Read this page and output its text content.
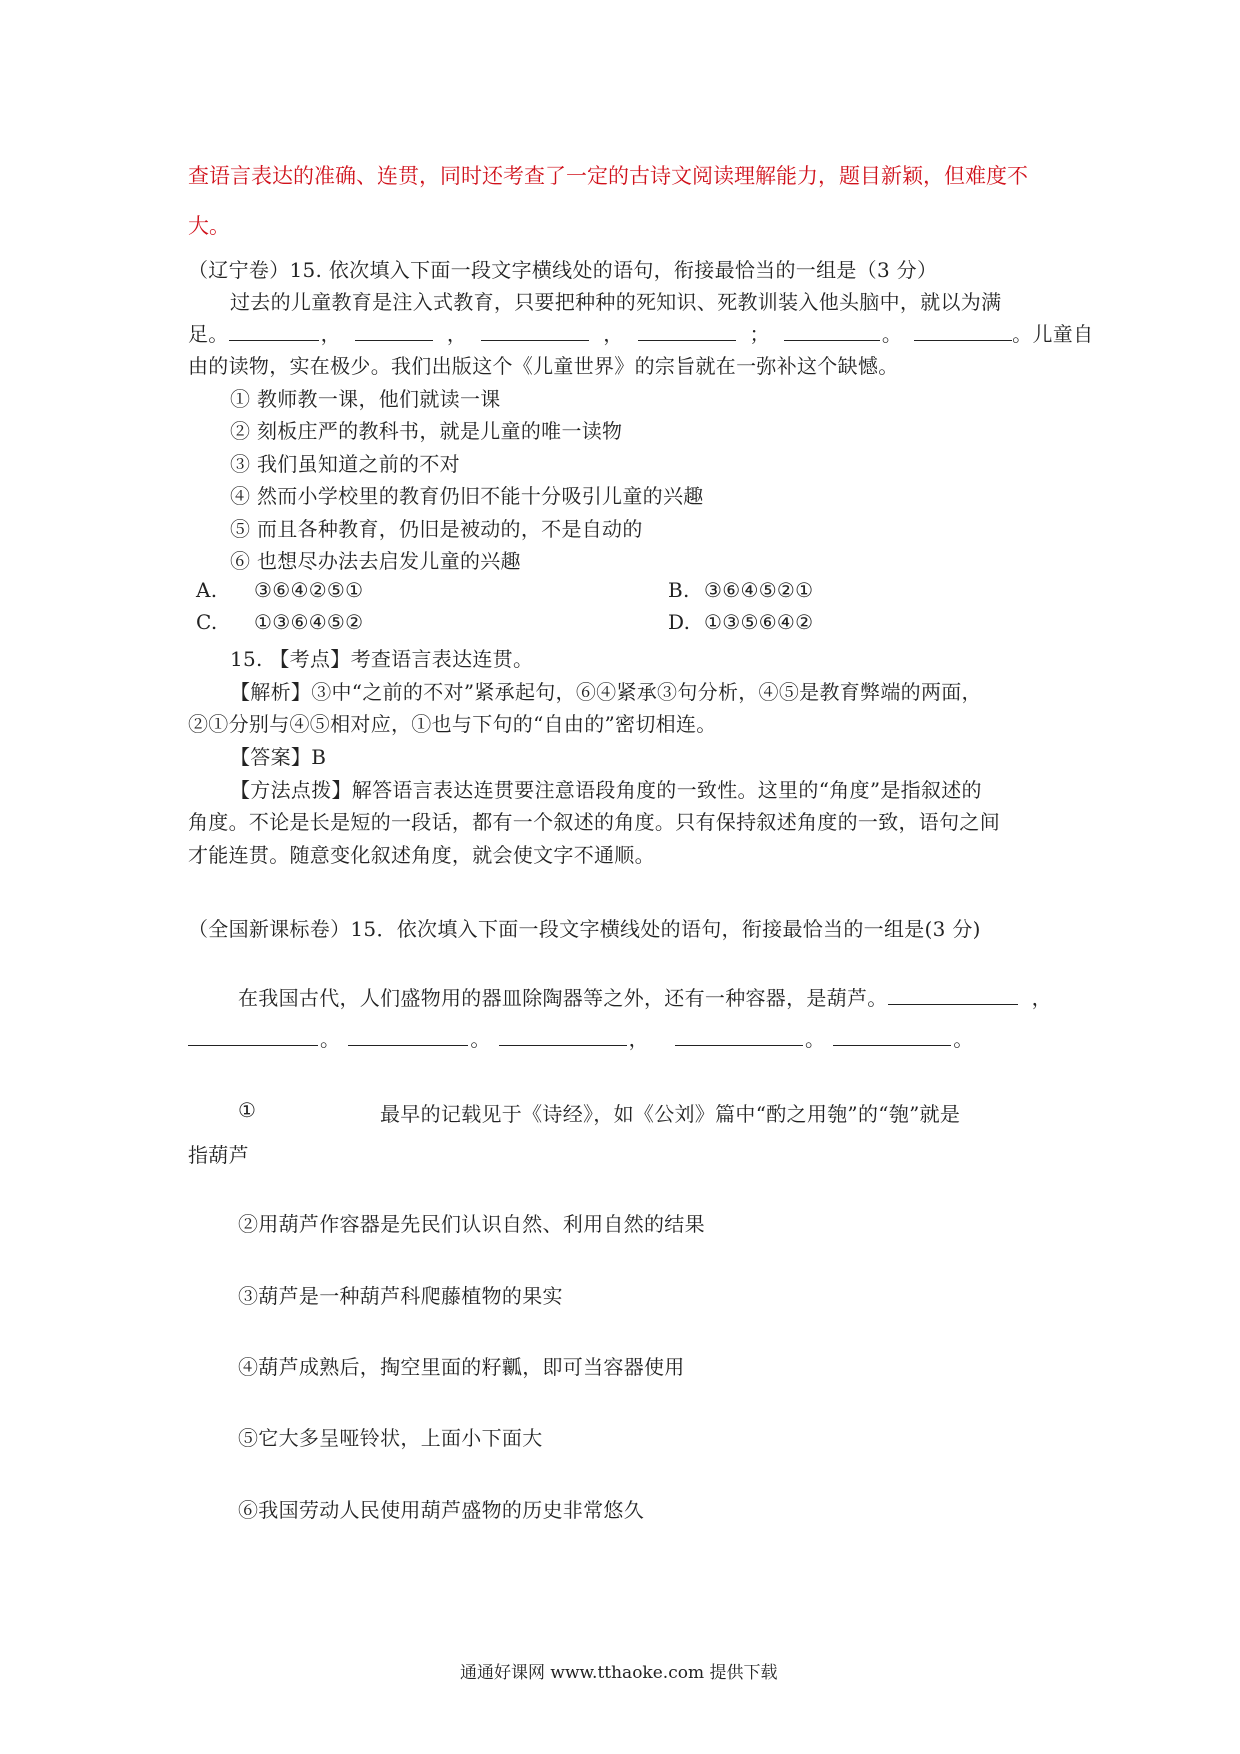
查语言表达的准确、连贯，同时还考查了一定的古诗文阅读理解能力，题目新颖，但难度不
大。
（辽宁卷）15. 依次填入下面一段文字横线处的语句，衔接最恰当的一组是（3 分）
过去的儿童教育是注入式教育，只要把种种的死知识、死教训装入他头脑中，就以为满
足。	，	，	，	；	。	。儿童自
由的读物，实在极少。我们出版这个《儿童世界》的宗旨就在一弥补这个缺憾。
① 教师教一课，他们就读一课
② 刻板庄严的教科书，就是儿童的唯一读物
③ 我们虽知道之前的不对
④ 然而小学校里的教育仍旧不能十分吸引儿童的兴趣
⑤ 而且各种教育，仍旧是被动的，不是自动的
⑥ 也想尽办法去启发儿童的兴趣
A. ③⑥④②⑤①	B. ③⑥④⑤②①
C. ①③⑥④⑤②	D. ①③⑤⑥④②
15. 【考点】考查语言表达连贯。
【解析】③中“之前的不对”紧承起句，⑥④紧承③句分析，④⑤是教育弊端的两面，
②①分别与④⑤相对应，①也与下句的“自由的”密切相连。
【答案】B
【方法点拨】解答语言表达连贯要注意语段角度的一致性。这里的“角度”是指叙述的
角度。不论是长是短的一段话，都有一个叙述的角度。只有保持叙述角度的一致，语句之间
才能连贯。随意变化叙述角度，就会使文字不通顺。
（全国新课标卷）15．依次填入下面一段文字横线处的语句，衔接最恰当的一组是(3 分)
在我国古代，人们盛物用的器皿除陶器等之外，还有一种容器，是葫芦。	，
。	。	，	。	。
①	最早的记载见于《诗经》，如《公刘》篇中“酌之用匏”的“匏”就是
指葫芦
②用葫芦作容器是先民们认识自然、利用自然的结果
③葫芦是一种葫芦科爬藤植物的果实
④葫芦成熟后，掏空里面的籽瓤，即可当容器使用
⑤它大多呈哑铃状，上面小下面大
⑥我国劳动人民使用葫芦盛物的历史非常悠久
通通好课网 www.tthaoke.com 提供下载
